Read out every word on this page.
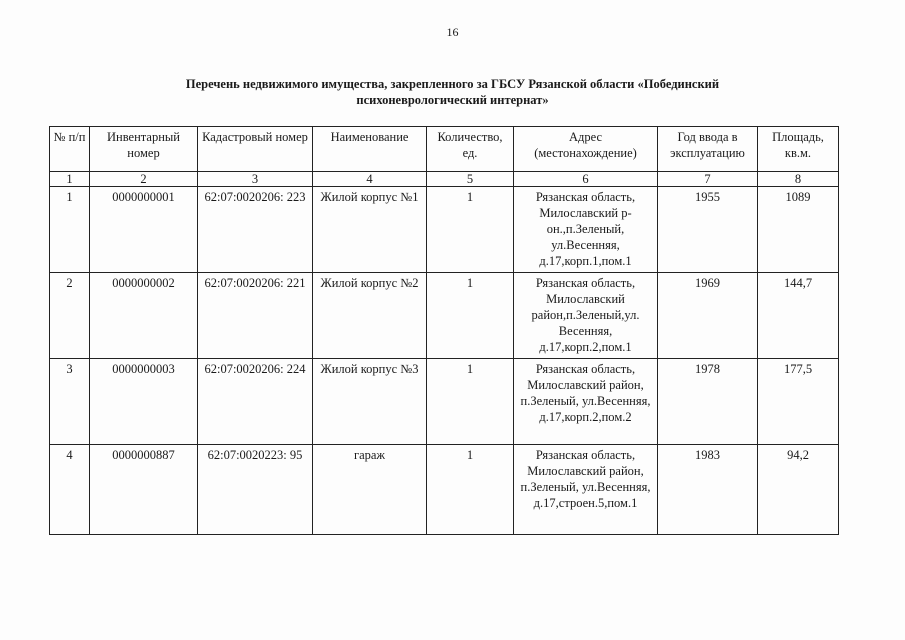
16
Перечень недвижимого имущества, закрепленного за ГБСУ Рязанской области «Побединский
психоневрологический интернат»
№ п/п	Инвентарный номер	Кадастровый номер	Наименование	Количество, ед.	Адрес (местонахождение)	Год ввода в эксплуатацию	Площадь, кв.м.
1	2	3	4	5	6	7	8
1	0000000001	62:07:0020206: 223	Жилой корпус №1	1	Рязанская область, Милославский р-он.,п.Зеленый, ул.Весенняя, д.17,корп.1,пом.1	1955	1089
2	0000000002	62:07:0020206: 221	Жилой корпус №2	1	Рязанская область, Милославский район,п.Зеленый,ул. Весенняя, д.17,корп.2,пом.1	1969	144,7
3	0000000003	62:07:0020206: 224	Жилой корпус №3	1	Рязанская область, Милославский район, п.Зеленый, ул.Весенняя, д.17,корп.2,пом.2	1978	177,5
4	0000000887	62:07:0020223: 95	гараж	1	Рязанская область, Милославский район, п.Зеленый, ул.Весенняя, д.17,строен.5,пом.1	1983	94,2
